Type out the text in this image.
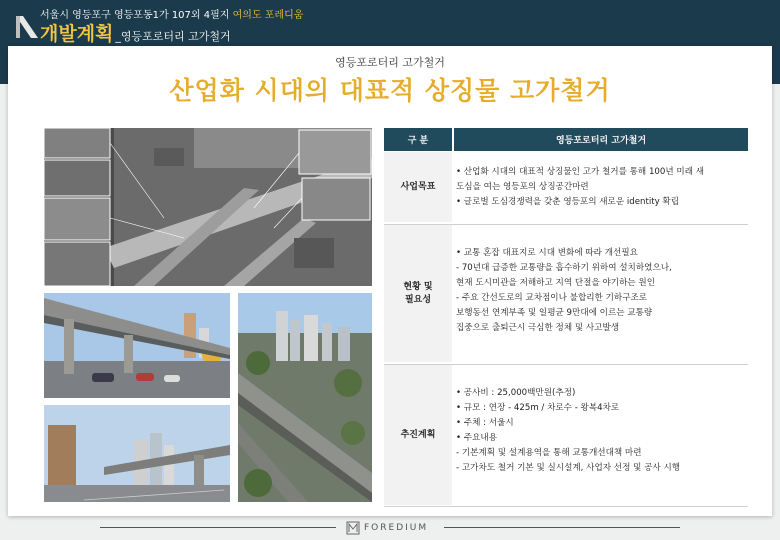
서울시 영등포구 영등포동1가 107외 4필지 여의도 포레디움
개발계획 _영등포로터리 고가철거
영등포로터리 고가철거
산업화 시대의 대표적 상징물 고가철거
구 분	영등포로터리 고가철거
사업목표
• 산업화 시대의 대표적 상징물인 고가 철거를 통해 100년 미래 새
도심을 여는 영등포의 상징공간마련
• 글로벌 도심경쟁력을 갖춘 영등포의 새로운 identity 확립
현황 및
필요성
• 교통 혼잡 대표지로 시대 변화에 따라 개선필요
- 70년대 급증한 교통량을 흡수하기 위하여 설치하였으나,
현재 도시미관을 저해하고 지역 단절을 야기하는 원인
- 주요 간선도로의 교차점이나 불합리한 기하구조로
보행동선 연계부족 및 일평균 9만대에 이르는 교통량
집중으로 출퇴근시 극심한 정체 및 사고발생
추진계획
• 공사비 : 25,000백만원(추정)
• 규모 : 연장 - 425m / 차로수 - 왕복4차로
• 주체 : 서울시
• 주요내용
- 기본계획 및 설계용역을 통해 교통개선대책 마련
- 고가차도 철거 기본 및 실시설계, 사업자 선정 및 공사 시행
FOREDIUM
